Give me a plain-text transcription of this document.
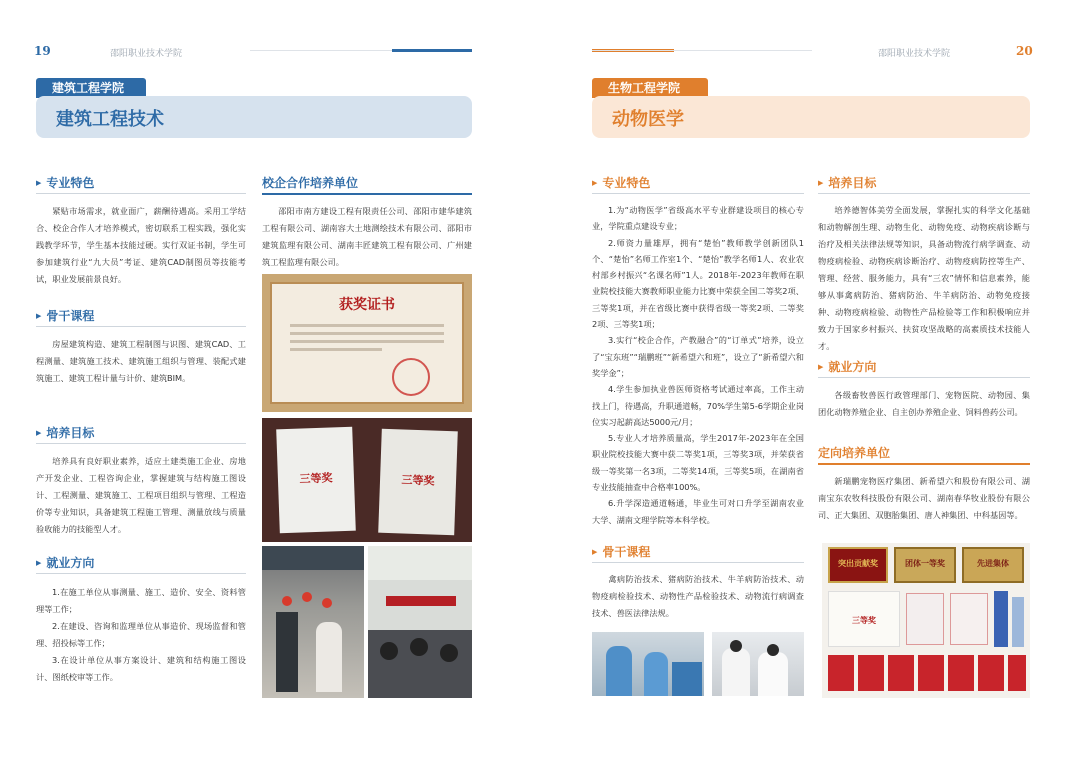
19	邵阳职业技术学院
建筑工程学院
建筑工程技术
▶ 专业特色
紧贴市场需求，就业面广，薪酬待遇高。采用工学结合、校企合作人才培养模式，密切联系工程实践，强化实践教学环节，学生基本技能过硬。实行双证书制，学生可参加建筑行业“九大员”考证、建筑CAD制图员等技能考试，职业发展前景良好。
▶ 骨干课程
房屋建筑构造、建筑工程制图与识图、建筑CAD、工程测量、建筑施工技术、建筑施工组织与管理、装配式建筑施工、建筑工程计量与计价、建筑BIM。
▶ 培养目标
培养具有良好职业素养，适应土建类施工企业、房地产开发企业、工程咨询企业，掌握建筑与结构施工图设计、工程测量、建筑施工、工程项目组织与管理、工程造价等专业知识，具备建筑工程施工管理、测量放线与质量验收能力的技能型人才。
▶ 就业方向
1.在施工单位从事测量、施工、造价、安全、资料管理等工作；
2.在建设、咨询和监理单位从事造价、现场监督和管理、招投标等工作；
3.在设计单位从事方案设计、建筑和结构施工图设计、图纸校审等工作。
校企合作培养单位
邵阳市南方建设工程有限责任公司、邵阳市建华建筑工程有限公司、湖南容大土地测绘技术有限公司、邵阳市建筑监理有限公司、湖南丰匠建筑工程有限公司、广州建筑工程监理有限公司。
获奖证书
三等奖	三等奖
邵阳职业技术学院	20
生物工程学院
动物医学
▶ 专业特色
1.为“动物医学”省级高水平专业群建设项目的核心专业，学院重点建设专业；
2.师资力量雄厚，拥有“楚怡”教师教学创新团队1个、“楚怡”名师工作室1个、“楚怡”教学名师1人、农业农村部乡村振兴“名课名师”1人。2018年-2023年教师在职业院校技能大赛教师职业能力比赛中荣获全国二等奖2项、三等奖1项，并在省级比赛中获得省级一等奖2项、二等奖2项、三等奖1项；
3.实行“校企合作，产教融合”的“订单式”培养，设立了“宝东班”“瑞鹏班”“新希望六和班”，设立了“新希望六和奖学金”；
4.学生参加执业兽医师资格考试通过率高，工作主动找上门，待遇高，升职通道畅，70%学生第5-6学期企业岗位实习起薪高达5000元/月；
5.专业人才培养质量高，学生2017年-2023年在全国职业院校技能大赛中获二等奖1项，三等奖3项，并荣获省级一等奖第一名3项，二等奖14项，三等奖5项，在湖南省专业技能抽查中合格率100%。
6.升学深造通道畅通，毕业生可对口升学至湖南农业大学、湖南文理学院等本科学校。
▶ 骨干课程
禽病防治技术、猪病防治技术、牛羊病防治技术、动物疫病检验技术、动物性产品检验技术、动物流行病调查技术、兽医法律法规。
▶ 培养目标
培养德智体美劳全面发展，掌握扎实的科学文化基础和动物解剖生理、动物生化、动物免疫、动物疾病诊断与治疗及相关法律法规等知识，具备动物流行病学调查、动物疫病检验、动物疾病诊断治疗、动物疫病防控等生产、管理、经营、服务能力，具有“三农”情怀和信息素养，能够从事禽病防治、猪病防治、牛羊病防治、动物免疫接种、动物疫病检验、动物性产品检验等工作和积极响应并致力于国家乡村振兴、扶贫攻坚战略的高素质技术技能人才。
▶ 就业方向
各级畜牧兽医行政管理部门、宠物医院、动物园、集团化动物养殖企业、自主创办养殖企业、饲料兽药公司。
定向培养单位
新瑞鹏宠物医疗集团、新希望六和股份有限公司、湖南宝东农牧科技股份有限公司、湖南春华牧业股份有限公司、正大集团、双胞胎集团、唐人神集团、中科基因等。
突出贡献奖	团体一等奖	先进集体
三等奖
